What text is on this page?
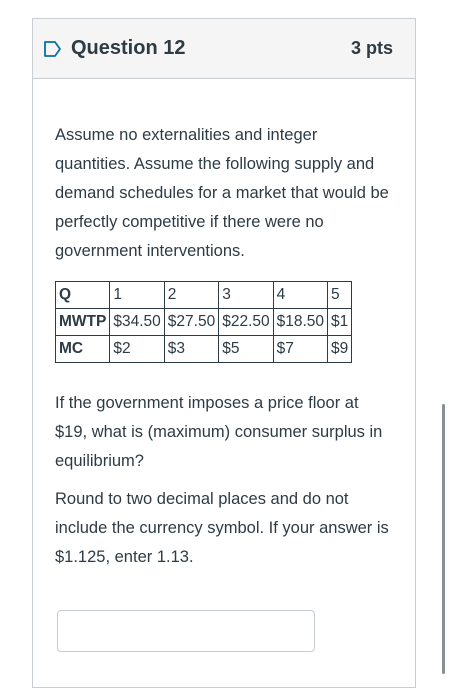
Question 12	3 pts

Assume no externalities and integer quantities. Assume the following supply and demand schedules for a market that would be perfectly competitive if there were no government interventions.

Q	1	2	3	4	5
MWTP	$34.50	$27.50	$22.50	$18.50	$1
MC	$2	$3	$5	$7	$9

If the government imposes a price floor at $19, what is (maximum) consumer surplus in equilibrium?

Round to two decimal places and do not include the currency symbol. If your answer is $1.125, enter 1.13.
